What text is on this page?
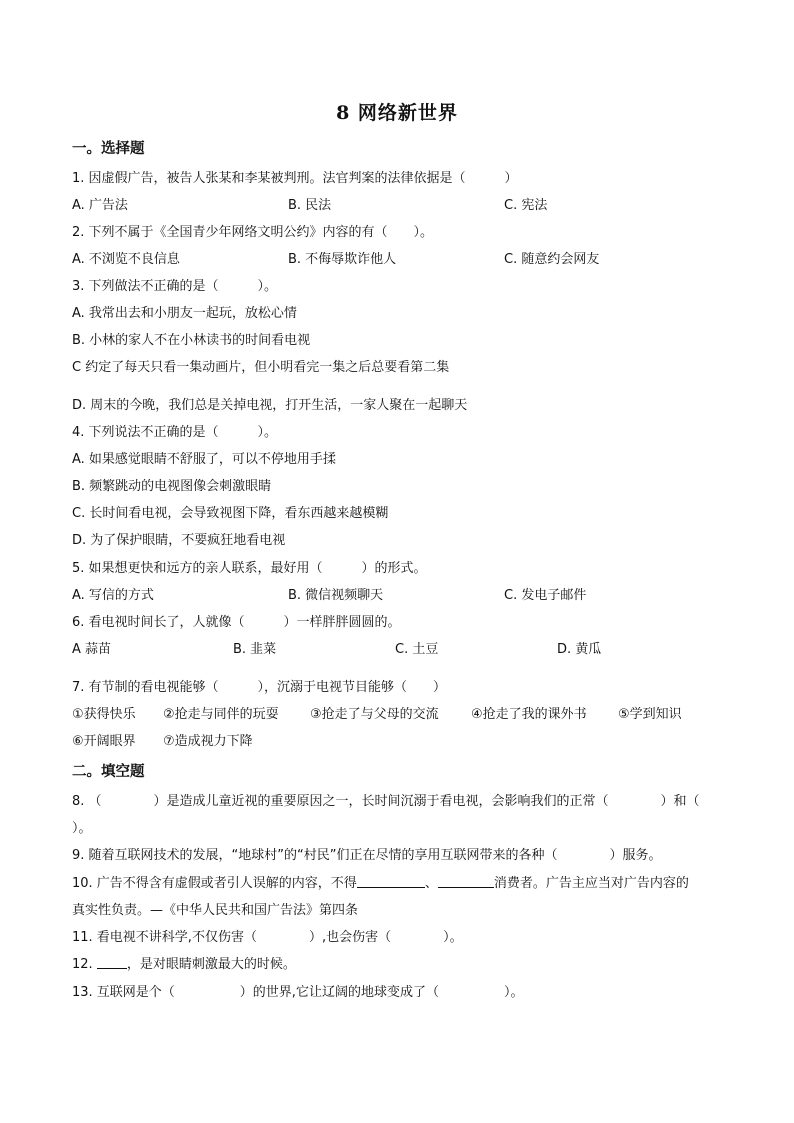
8 网络新世界
一。选择题
1. 因虚假广告，被告人张某和李某被判刑。法官判案的法律依据是（　　　）
A. 广告法	B. 民法	C. 宪法
2. 下列不属于《全国青少年网络文明公约》内容的有（　　）。
A. 不浏览不良信息	B. 不侮辱欺诈他人	C. 随意约会网友
3. 下列做法不正确的是（　　　）。
A. 我常出去和小朋友一起玩，放松心情
B. 小林的家人不在小林读书的时间看电视
C 约定了每天只看一集动画片，但小明看完一集之后总要看第二集
D. 周末的今晚，我们总是关掉电视，打开生活，一家人聚在一起聊天
4. 下列说法不正确的是（　　　）。
A. 如果感觉眼睛不舒服了，可以不停地用手揉
B. 频繁跳动的电视图像会刺激眼睛
C. 长时间看电视，会导致视图下降，看东西越来越模糊
D. 为了保护眼睛，不要疯狂地看电视
5. 如果想更快和远方的亲人联系，最好用（　　　）的形式。
A. 写信的方式	B. 微信视频聊天	C. 发电子邮件
6. 看电视时间长了，人就像（　　　）一样胖胖圆圆的。
A 蒜苗	B. 韭菜	C. 土豆	D. 黄瓜
7. 有节制的看电视能够（　　　），沉溺于电视节目能够（　　）
①获得快乐 ②抢走与同伴的玩耍 ③抢走了与父母的交流 ④抢走了我的课外书 ⑤学到知识
⑥开阔眼界 ⑦造成视力下降
二。填空题
8. （　　　　）是造成儿童近视的重要原因之一，长时间沉溺于看电视，会影响我们的正常（　　　　）和（
）。
9. 随着互联网技术的发展，“地球村”的“村民”们正在尽情的享用互联网带来的各种（　　　　）服务。
10. 广告不得含有虚假或者引人误解的内容，不得	、	消费者。广告主应当对广告内容的
真实性负责。—《中华人民共和国广告法》第四条
11. 看电视不讲科学,不仅伤害（　　　　）,也会伤害（　　　　）。
12. ，是对眼睛刺激最大的时候。
13. 互联网是个（　　　　　）的世界,它让辽阔的地球变成了（　　　　　）。
